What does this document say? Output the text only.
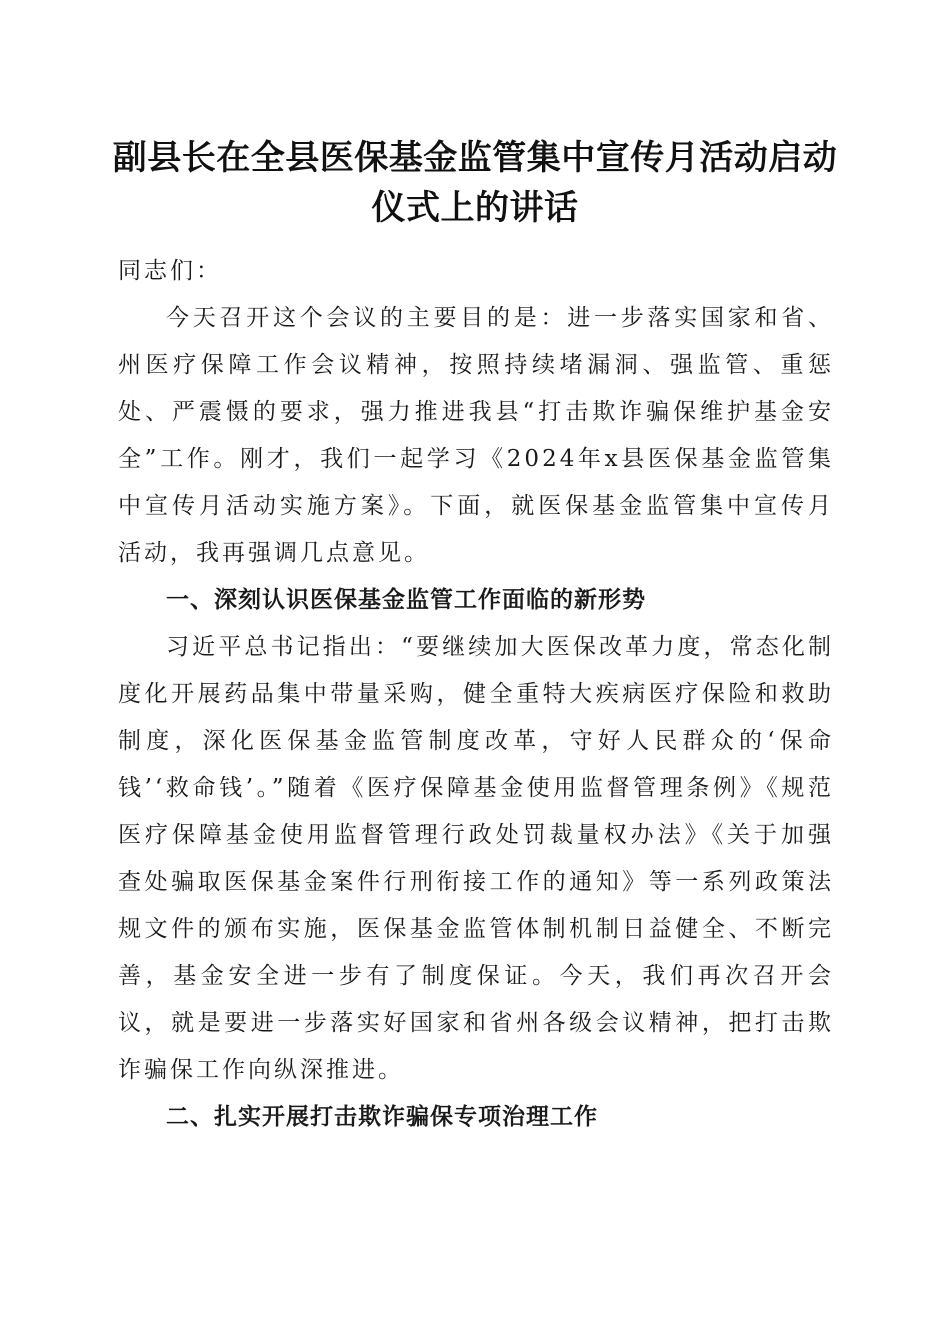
副县长在全县医保基金监管集中宣传月活动启动仪式上的讲话

同志们：

今天召开这个会议的主要目的是：进一步落实国家和省、州医疗保障工作会议精神，按照持续堵漏洞、强监管、重惩处、严震慑的要求，强力推进我县“打击欺诈骗保维护基金安全”工作。刚才，我们一起学习《2024年x县医保基金监管集中宣传月活动实施方案》。下面，就医保基金监管集中宣传月活动，我再强调几点意见。

一、深刻认识医保基金监管工作面临的新形势

习近平总书记指出：“要继续加大医保改革力度，常态化制度化开展药品集中带量采购，健全重特大疾病医疗保险和救助制度，深化医保基金监管制度改革，守好人民群众的‘保命钱’‘救命钱’。”随着《医疗保障基金使用监督管理条例》《规范医疗保障基金使用监督管理行政处罚裁量权办法》《关于加强查处骗取医保基金案件行刑衔接工作的通知》等一系列政策法规文件的颁布实施，医保基金监管体制机制日益健全、不断完善，基金安全进一步有了制度保证。今天，我们再次召开会议，就是要进一步落实好国家和省州各级会议精神，把打击欺诈骗保工作向纵深推进。

二、扎实开展打击欺诈骗保专项治理工作
